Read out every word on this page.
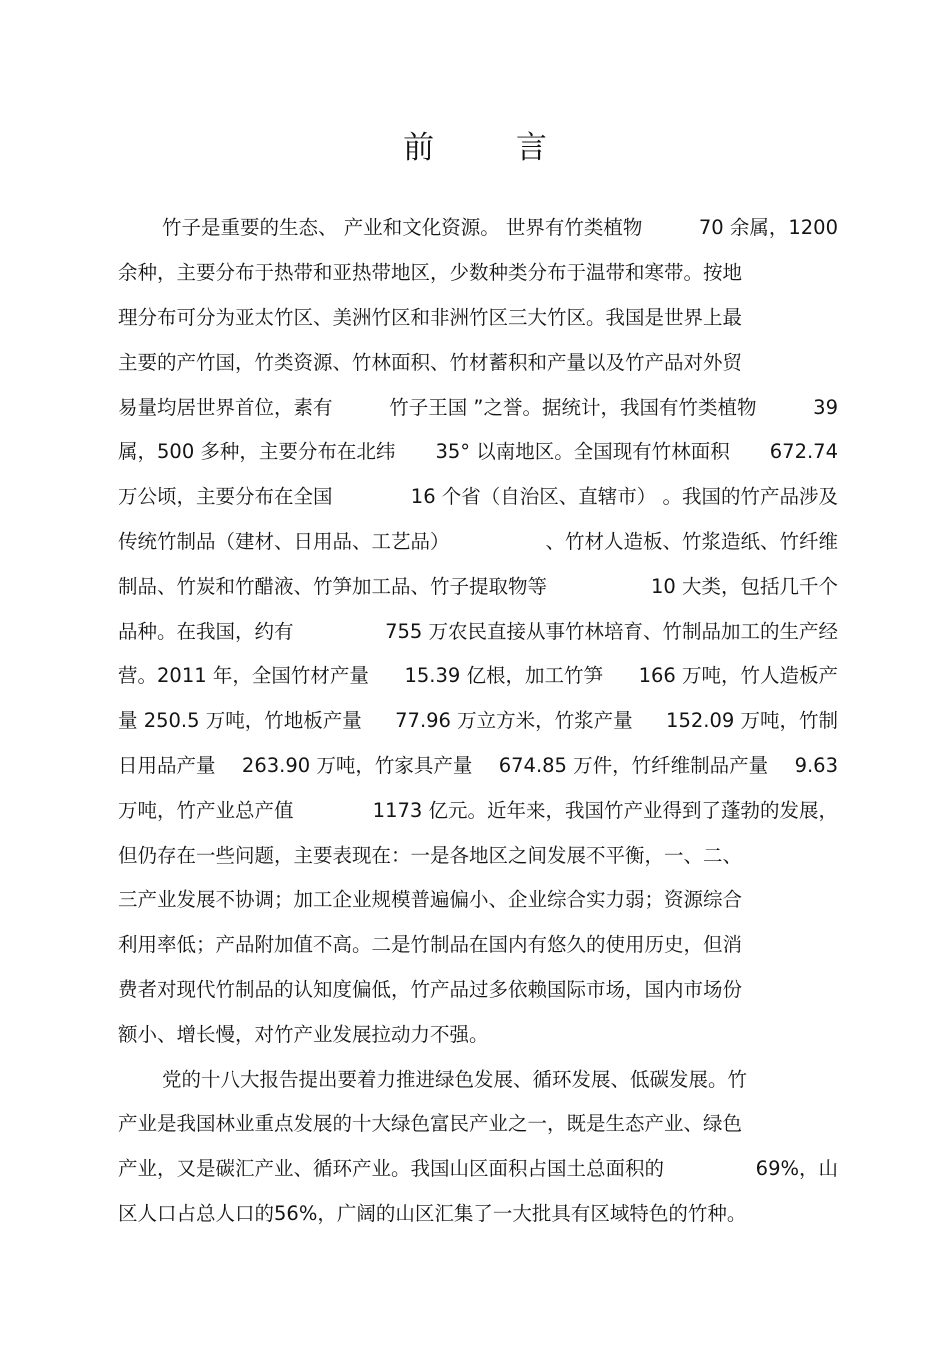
前 言
竹子是重要的生态、 产业和文化资源。 世界有竹类植物	70 余属，1200
余种，主要分布于热带和亚热带地区，少数种类分布于温带和寒带。按地
理分布可分为亚太竹区、美洲竹区和非洲竹区三大竹区。我国是世界上最
主要的产竹国，竹类资源、竹林面积、竹材蓄积和产量以及竹产品对外贸
易量均居世界首位，素有	竹子王国 ”之誉。据统计，我国有竹类植物	39
属，500 多种，主要分布在北纬 35° 以南地区。全国现有竹林面积 672.74
万公顷，主要分布在全国	16 个省（自治区、直辖市） 。我国的竹产品涉及
传统竹制品（建材、日用品、工艺品）	、竹材人造板、竹浆造纸、竹纤维
制品、竹炭和竹醋液、竹笋加工品、竹子提取物等	10 大类，包括几千个
品种。在我国，约有	755 万农民直接从事竹林培育、竹制品加工的生产经
营。2011 年，全国竹材产量 15.39 亿根，加工竹笋 166 万吨，竹人造板产
量 250.5 万吨，竹地板产量 77.96 万立方米，竹浆产量 152.09 万吨，竹制
日用品产量 263.90 万吨，竹家具产量 674.85 万件，竹纤维制品产量 9.63
万吨，竹产业总产值	1173 亿元。近年来，我国竹产业得到了蓬勃的发展，
但仍存在一些问题，主要表现在：一是各地区之间发展不平衡，一、二、
三产业发展不协调；加工企业规模普遍偏小、企业综合实力弱；资源综合
利用率低；产品附加值不高。二是竹制品在国内有悠久的使用历史，但消
费者对现代竹制品的认知度偏低，竹产品过多依赖国际市场，国内市场份
额小、增长慢，对竹产业发展拉动力不强。
党的十八大报告提出要着力推进绿色发展、循环发展、低碳发展。竹
产业是我国林业重点发展的十大绿色富民产业之一，既是生态产业、绿色
产业，又是碳汇产业、循环产业。我国山区面积占国土总面积的	69%，山
区人口占总人口的 56%，广阔的山区汇集了一大批具有区域特色的竹种。
